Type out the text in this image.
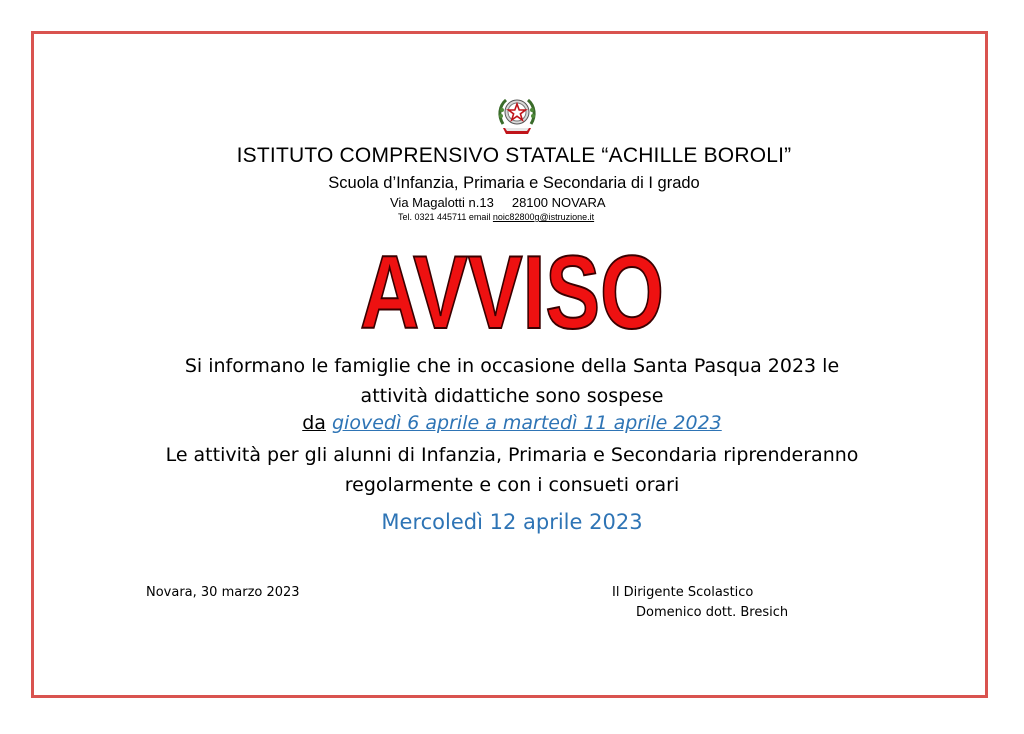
ISTITUTO COMPRENSIVO STATALE “ACHILLE BOROLI”
Scuola d’Infanzia, Primaria e Secondaria di I grado
Via Magalotti n.13 28100 NOVARA
Tel. 0321 445711 email noic82800g@istruzione.it
AVVISO
Si informano le famiglie che in occasione della Santa Pasqua 2023 le
attività didattiche sono sospese
da giovedì 6 aprile a martedì 11 aprile 2023
Le attività per gli alunni di Infanzia, Primaria e Secondaria riprenderanno
regolarmente e con i consueti orari
Mercoledì 12 aprile 2023
Novara, 30 marzo 2023	Il Dirigente Scolastico
Domenico dott. Bresich
